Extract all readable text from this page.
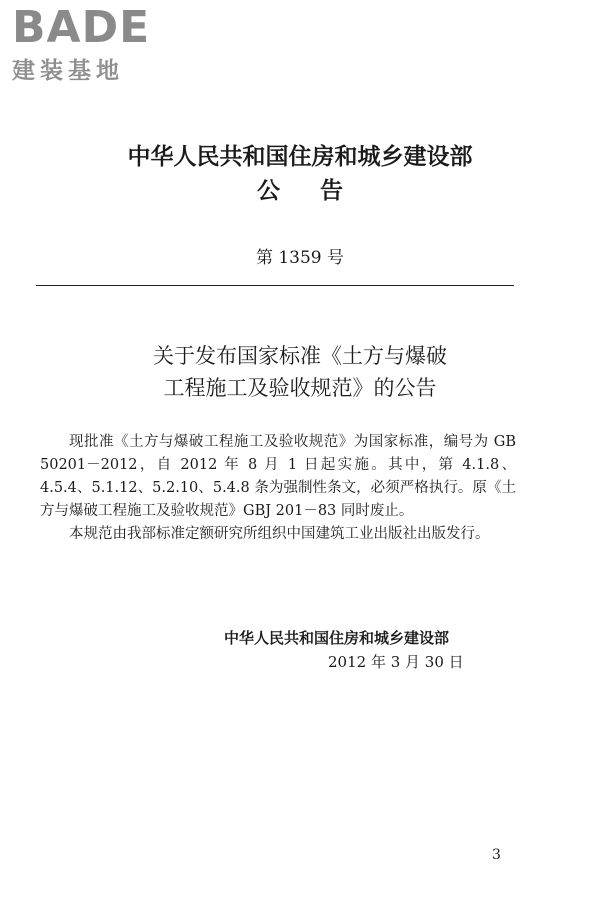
BADE
建装基地
中华人民共和国住房和城乡建设部
公告
第 1359 号
关于发布国家标准《土方与爆破
工程施工及验收规范》的公告

现批准《土方与爆破工程施工及验收规范》为国家标准，编号为 GB 50201－2012，自 2012 年 8 月 1 日起实施。其中，第 4.1.8、4.5.4、5.1.12、5.2.10、5.4.8 条为强制性条文，必须严格执行。原《土方与爆破工程施工及验收规范》GBJ 201－83 同时废止。

本规范由我部标准定额研究所组织中国建筑工业出版社出版发行。

中华人民共和国住房和城乡建设部
2012 年 3 月 30 日
3
